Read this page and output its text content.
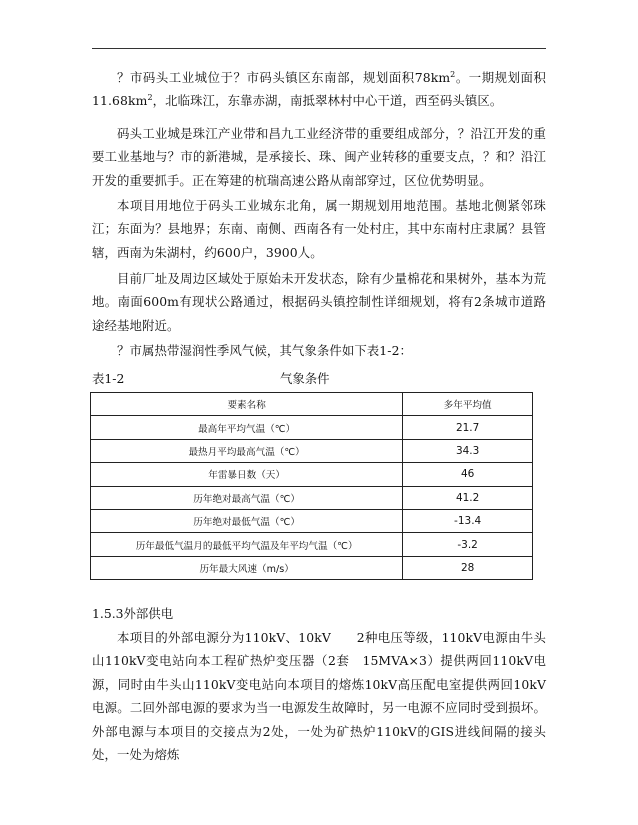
？市码头工业城位于？市码头镇区东南部，规划面积$78km^2$。一期规划面积$11.68km^2$，北临珠江，东靠赤湖，南抵翠林村中心干道，西至码头镇区。

码头工业城是珠江产业带和昌九工业经济带的重要组成部分，？沿江开发的重要工业基地与？市的新港城，是承接长、珠、闽产业转移的重要支点，？和？沿江开发的重要抓手。正在筹建的杭瑞高速公路从南部穿过，区位优势明显。

本项目用地位于码头工业城东北角，属一期规划用地范围。基地北侧紧邻珠江；东面为？县地界；东南、南侧、西南各有一处村庄，其中东南村庄隶属？县管辖，西南为朱湖村，约600户，3900人。

目前厂址及周边区域处于原始未开发状态，除有少量棉花和果树外，基本为荒地。南面600m有现状公路通过，根据码头镇控制性详细规划，将有2条城市道路途经基地附近。

？市属热带湿润性季风气候，其气象条件如下表1-2：

表1-2	气象条件
要素名称	多年平均值
最高年平均气温（℃）	21.7
最热月平均最高气温（℃）	34.3
年雷暴日数（天）	46
历年绝对最高气温（℃）	41.2
历年绝对最低气温（℃）	-13.4
历年最低气温月的最低平均气温及年平均气温（℃）	-3.2
历年最大风速（m/s）	28
1.5.3外部供电

本项目的外部电源分为110kV、10kV　　2种电压等级，110kV电源由牛头山110kV变电站向本工程矿热炉变压器（2套　15MVA×3）提供两回110kV电源，同时由牛头山110kV变电站向本项目的熔炼10kV高压配电室提供两回10kV电源。二回外部电源的要求为当一电源发生故障时，另一电源不应同时受到损坏。外部电源与本项目的交接点为2处，一处为矿热炉110kV的GIS进线间隔的接头处，一处为熔炼
